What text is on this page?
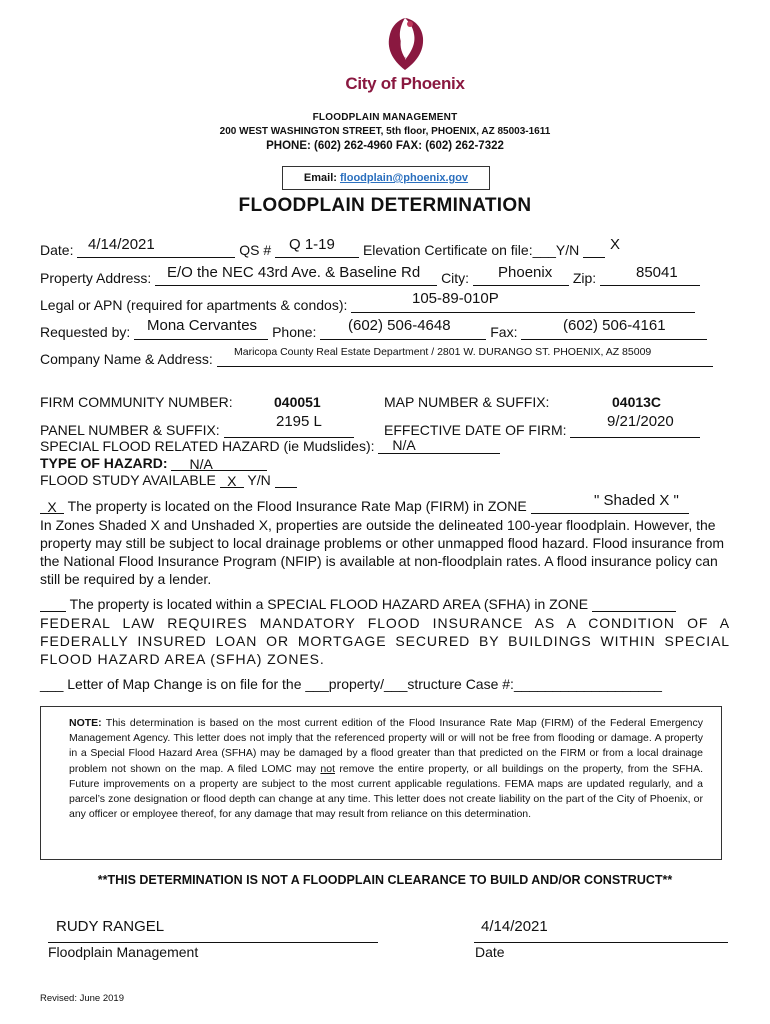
City of Phoenix
FLOODPLAIN MANAGEMENT
200 WEST WASHINGTON STREET, 5th floor, PHOENIX, AZ 85003-1611
PHONE: (602) 262-4960 FAX: (602) 262-7322
Email: floodplain@phoenix.gov
FLOODPLAIN DETERMINATION
Date:	QS #	Elevation Certificate on file:___Y/N
4/14/2021	Q 1-19	X
Property Address:	City:	Zip:
E/O the NEC 43rd Ave. & Baseline Rd	Phoenix	85041
Legal or APN (required for apartments & condos):	105-89-010P
Requested by:	Phone:	Fax:
Mona Cervantes	(602) 506-4648	(602) 506-4161
Company Name & Address:	Maricopa County Real Estate Department / 2801 W. DURANGO ST. PHOENIX, AZ 85009
FIRM COMMUNITY NUMBER:	040051	MAP NUMBER & SUFFIX:	04013C
PANEL NUMBER & SUFFIX:	2195 L	EFFECTIVE DATE OF FIRM:	9/21/2020
SPECIAL FLOOD RELATED HAZARD (ie Mudslides): N/A
TYPE OF HAZARD: N/A
FLOOD STUDY AVAILABLE X Y/N
X The property is located on the Flood Insurance Rate Map (FIRM) in ZONE	" Shaded X "
In Zones Shaded X and Unshaded X, properties are outside the delineated 100-year floodplain. However, the property may still be subject to local drainage problems or other unmapped flood hazard. Flood insurance from the National Flood Insurance Program (NFIP) is available at non-floodplain rates. A flood insurance policy can still be required by a lender.
The property is located within a SPECIAL FLOOD HAZARD AREA (SFHA) in ZONE
FEDERAL LAW REQUIRES MANDATORY FLOOD INSURANCE AS A CONDITION OF A FEDERALLY INSURED LOAN OR MORTGAGE SECURED BY BUILDINGS WITHIN SPECIAL FLOOD HAZARD AREA (SFHA) ZONES.
___ Letter of Map Change is on file for the ___property/___structure Case #:___________________
NOTE: This determination is based on the most current edition of the Flood Insurance Rate Map (FIRM) of the Federal Emergency Management Agency. This letter does not imply that the referenced property will or will not be free from flooding or damage. A property in a Special Flood Hazard Area (SFHA) may be damaged by a flood greater than that predicted on the FIRM or from a local drainage problem not shown on the map. A filed LOMC may not remove the entire property, or all buildings on the property, from the SFHA. Future improvements on a property are subject to the most current applicable regulations. FEMA maps are updated regularly, and a parcel’s zone designation or flood depth can change at any time. This letter does not create liability on the part of the City of Phoenix, or any officer or employee thereof, for any damage that may result from reliance on this determination.
**THIS DETERMINATION IS NOT A FLOODPLAIN CLEARANCE TO BUILD AND/OR CONSTRUCT**
RUDY RANGEL
Floodplain Management
4/14/2021
Date
Revised: June 2019
